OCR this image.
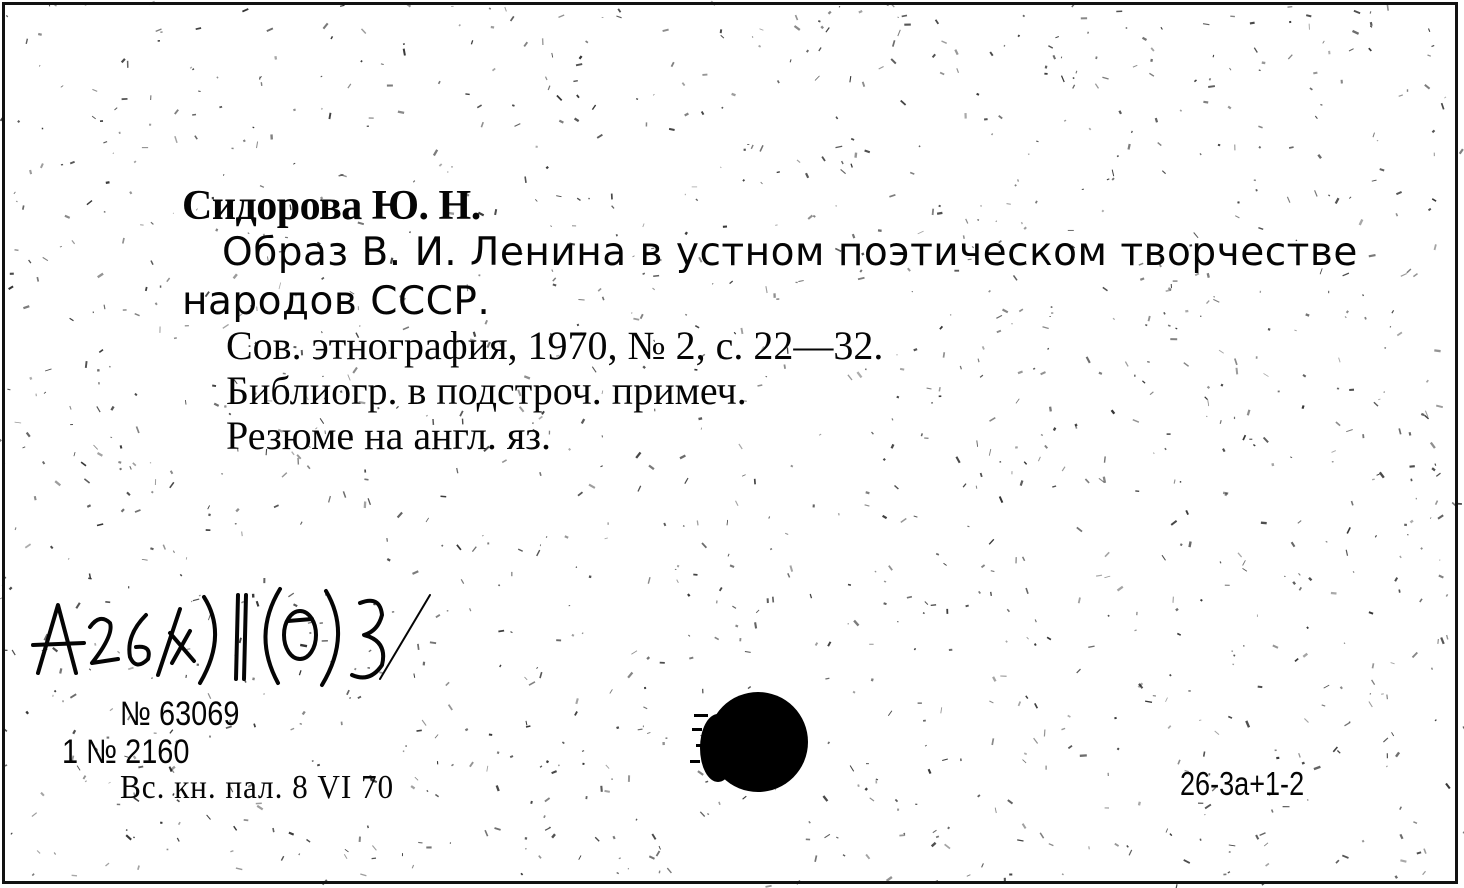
Сидорова Ю. Н.
Образ В. И. Ленина в устном поэтическом творчестве
народов СССР.
Сов. этнография, 1970, № 2, с. 22—32.
Библиогр. в подстроч. примеч.
Резюме на англ. яз.
№ 63069
1 № 2160
Вс. кн. пал. 8 VI 70	26-3а+1-2
